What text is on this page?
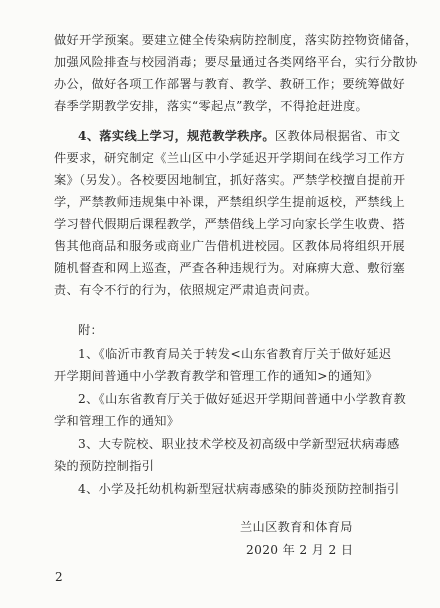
做好开学预案。要建立健全传染病防控制度，落实防控物资储备，
加强风险排查与校园消毒；要尽量通过各类网络平台，实行分散协
办公，做好各项工作部署与教育、教学、教研工作；要统筹做好
春季学期教学安排，落实“零起点”教学，不得抢赶进度。
4、落实线上学习，规范教学秩序。区教体局根据省、市文
件要求，研究制定《兰山区中小学延迟开学期间在线学习工作方
案》（另发）。各校要因地制宜，抓好落实。严禁学校擅自提前开
学，严禁教师违规集中补课，严禁组织学生提前返校，严禁线上
学习替代假期后课程教学，严禁借线上学习向家长学生收费、搭
售其他商品和服务或商业广告借机进校园。区教体局将组织开展
随机督查和网上巡查，严查各种违规行为。对麻痹大意、敷衍塞
责、有令不行的行为，依照规定严肃追责问责。
附：
1、《临沂市教育局关于转发<山东省教育厅关于做好延迟
开学期间普通中小学教育教学和管理工作的通知>的通知》
2、《山东省教育厅关于做好延迟开学期间普通中小学教育教
学和管理工作的通知》
3、大专院校、职业技术学校及初高级中学新型冠状病毒感
染的预防控制指引
4、小学及托幼机构新型冠状病毒感染的肺炎预防控制指引
兰山区教育和体育局
2020 年 2 月 2 日
2
